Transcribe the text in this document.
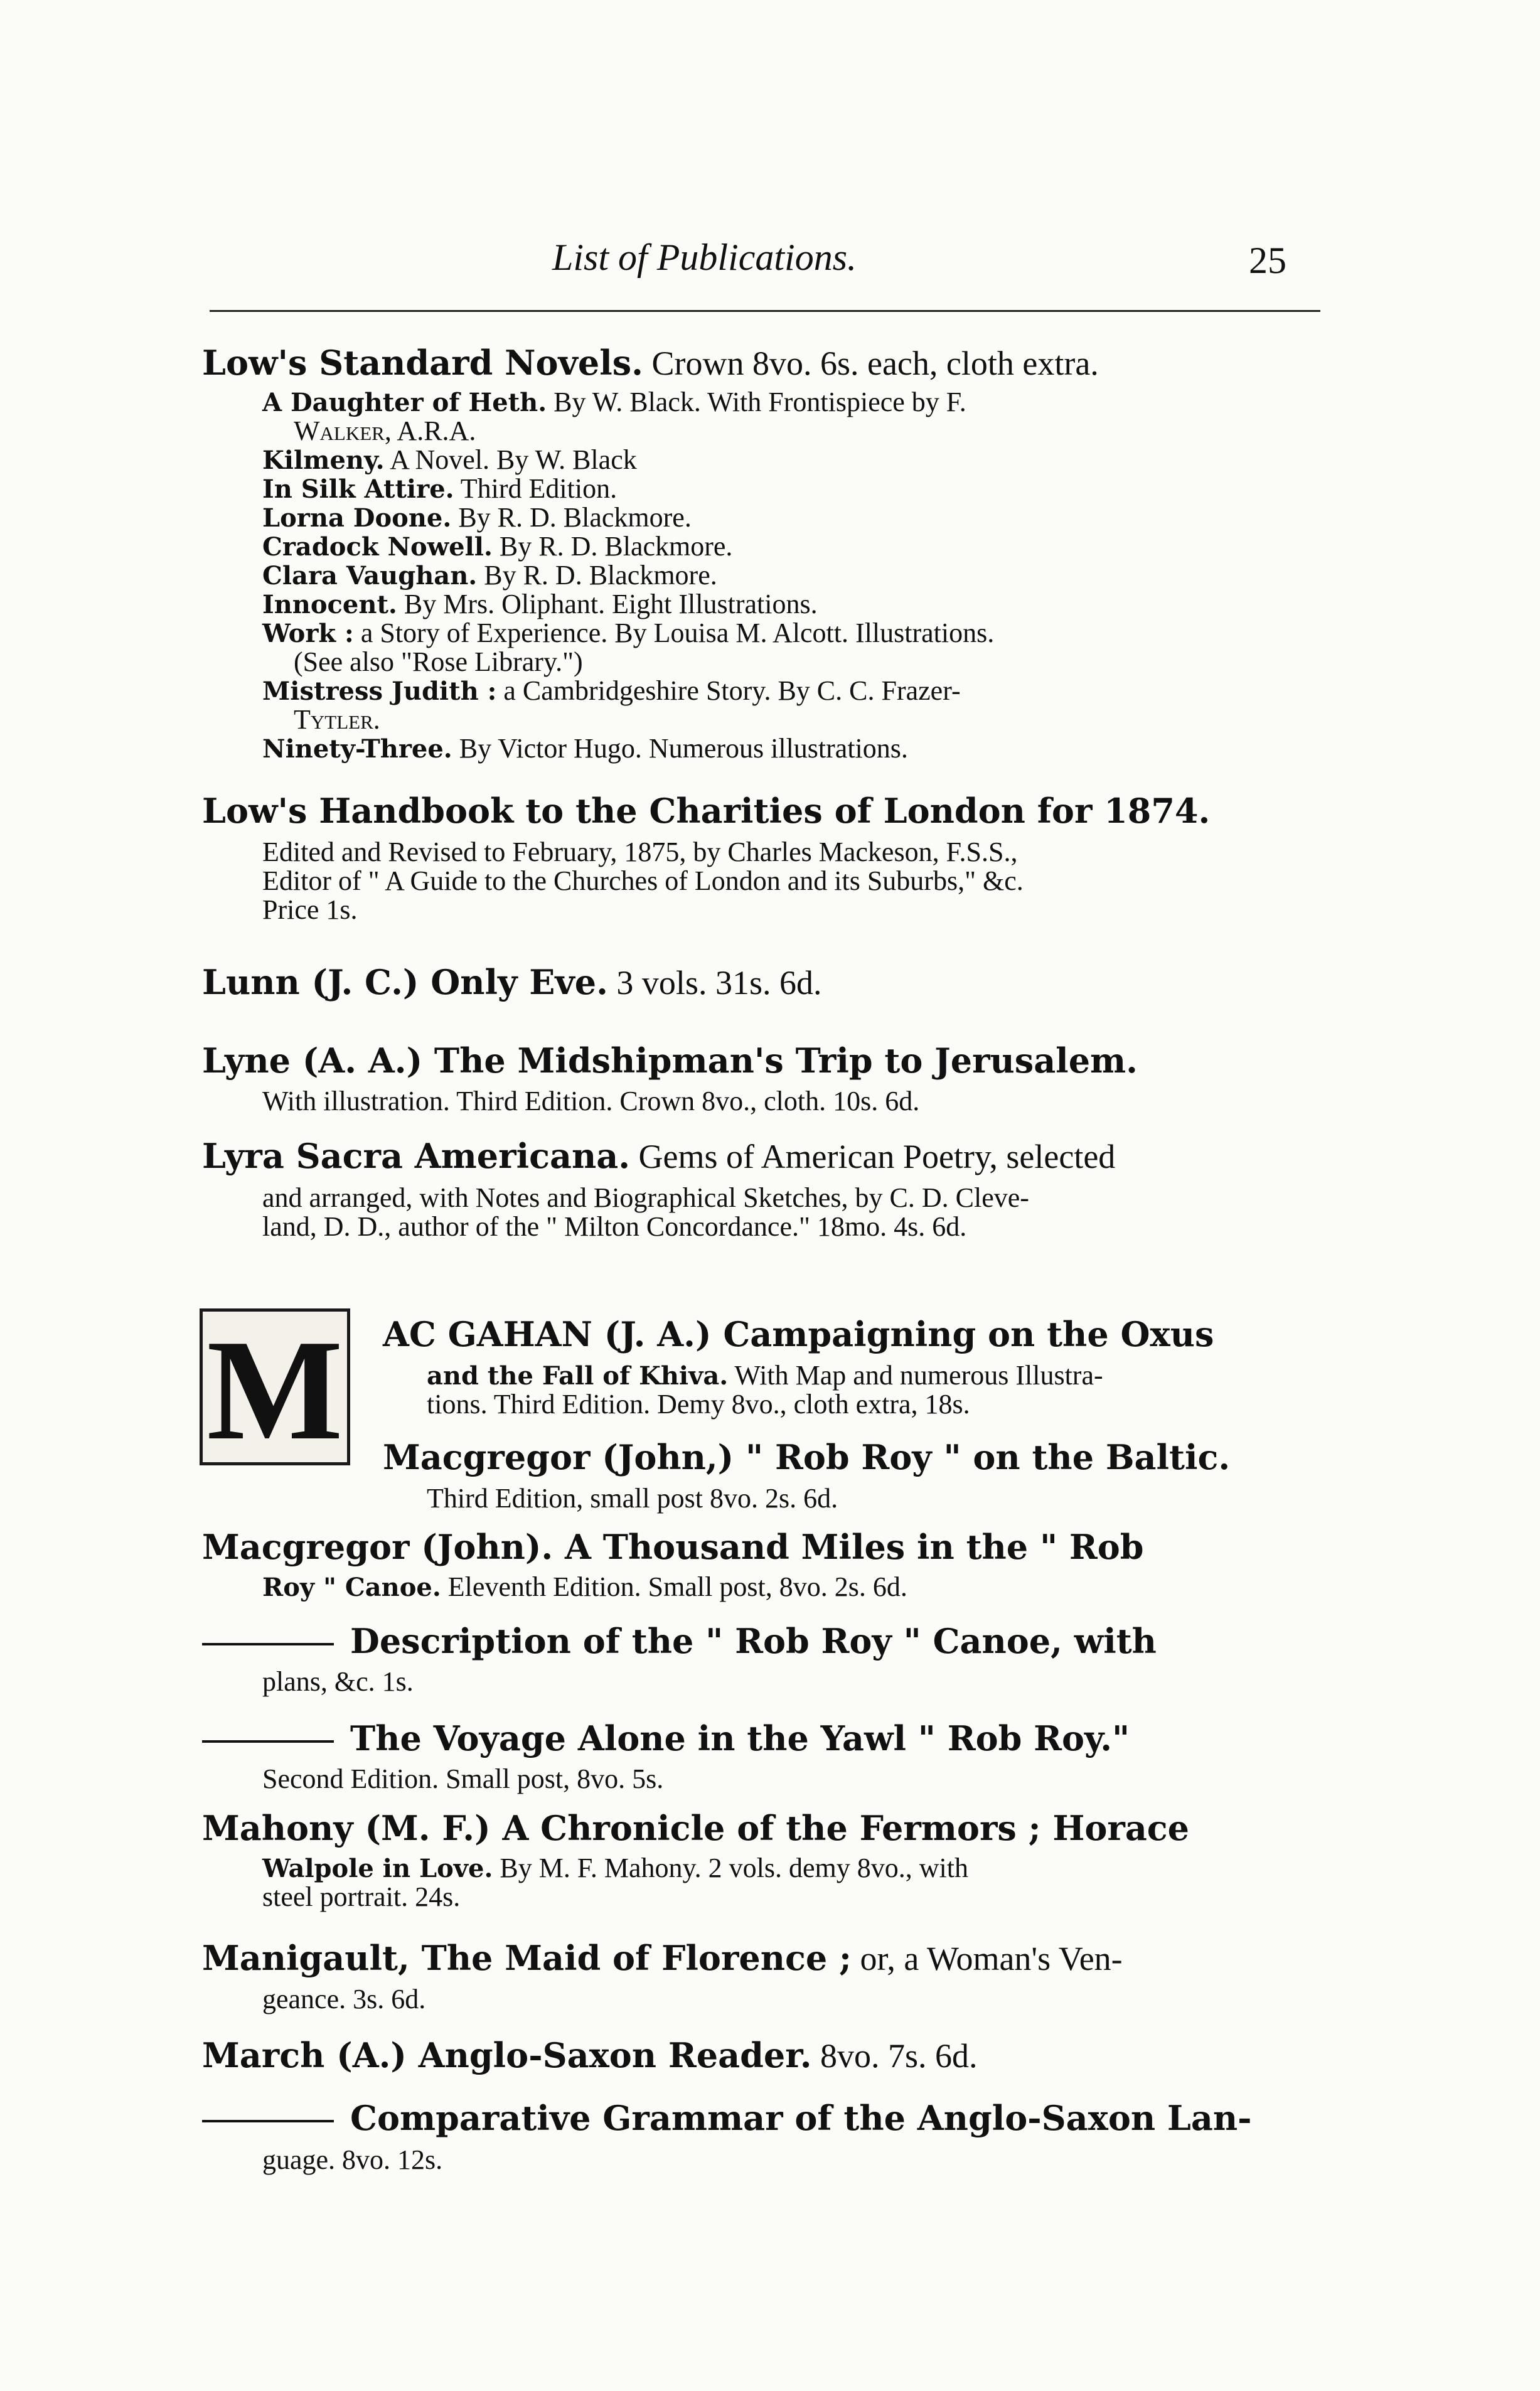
List of Publications.	25
Low's Standard Novels. Crown 8vo. 6s. each, cloth extra.
A Daughter of Heth. By W. Black. With Frontispiece by F.
Walker, A.R.A.
Kilmeny. A Novel. By W. Black
In Silk Attire. Third Edition.
Lorna Doone. By R. D. Blackmore.
Cradock Nowell. By R. D. Blackmore.
Clara Vaughan. By R. D. Blackmore.
Innocent. By Mrs. Oliphant. Eight Illustrations.
Work : a Story of Experience. By Louisa M. Alcott. Illustrations.
(See also "Rose Library.")
Mistress Judith : a Cambridgeshire Story. By C. C. Frazer-
Tytler.
Ninety-Three. By Victor Hugo. Numerous illustrations.
Low's Handbook to the Charities of London for 1874.
Edited and Revised to February, 1875, by Charles Mackeson, F.S.S.,
Editor of " A Guide to the Churches of London and its Suburbs," &c.
Price 1s.
Lunn (J. C.) Only Eve. 3 vols. 31s. 6d.
Lyne (A. A.) The Midshipman's Trip to Jerusalem.
With illustration. Third Edition. Crown 8vo., cloth. 10s. 6d.
Lyra Sacra Americana. Gems of American Poetry, selected
and arranged, with Notes and Biographical Sketches, by C. D. Cleve-
land, D. D., author of the " Milton Concordance." 18mo. 4s. 6d.
M AC GAHAN (J. A.) Campaigning on the Oxus
and the Fall of Khiva. With Map and numerous Illustra-
tions. Third Edition. Demy 8vo., cloth extra, 18s.
Macgregor (John,) " Rob Roy " on the Baltic.
Third Edition, small post 8vo. 2s. 6d.
Macgregor (John). A Thousand Miles in the " Rob
Roy " Canoe. Eleventh Edition. Small post, 8vo. 2s. 6d.
Description of the " Rob Roy " Canoe, with
plans, &c. 1s.
The Voyage Alone in the Yawl " Rob Roy."
Second Edition. Small post, 8vo. 5s.
Mahony (M. F.) A Chronicle of the Fermors ; Horace
Walpole in Love. By M. F. Mahony. 2 vols. demy 8vo., with
steel portrait. 24s.
Manigault, The Maid of Florence ; or, a Woman's Ven-
geance. 3s. 6d.
March (A.) Anglo-Saxon Reader. 8vo. 7s. 6d.
Comparative Grammar of the Anglo-Saxon Lan-
guage. 8vo. 12s.
